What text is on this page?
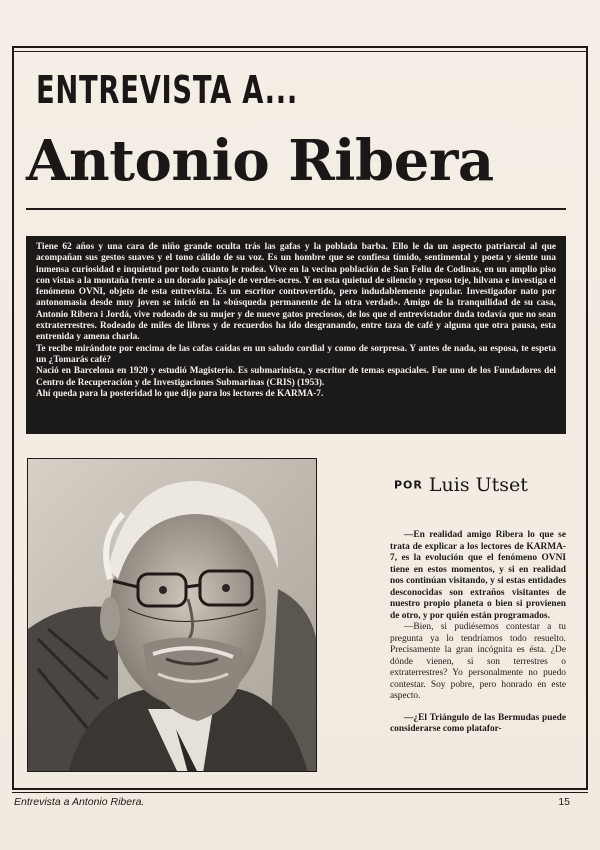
ENTREVISTA A...
Antonio Ribera

Tiene 62 años y una cara de niño grande oculta trás las gafas y la poblada barba. Ello le da un aspecto patriarcal al que acompañan sus gestos suaves y el tono cálido de su voz. Es un hombre que se confiesa tímido, sentimental y poeta y siente una inmensa curiosidad e inquietud por todo cuanto le rodea. Vive en la vecina población de San Feliu de Codinas, en un amplio piso con vistas a la montaña frente a un dorado paisaje de verdes-ocres. Y en esta quietud de silencio y reposo teje, hilvana e investiga el fenómeno OVNI, objeto de esta entrevista. Es un escritor controvertido, pero indudablemente popular. Investigador nato por antonomasia desde muy joven se inició en la «búsqueda permanente de la otra verdad». Amigo de la tranquilidad de su casa, Antonio Ribera i Jordá, vive rodeado de su mujer y de nueve gatos preciosos, de los que el entrevistador duda todavía que no sean extraterrestres. Rodeado de miles de libros y de recuerdos ha ido desgranando, entre taza de café y alguna que otra pausa, esta entrenida y amena charla.

Te recibe mirándote por encima de las cafas caídas en un saludo cordial y como de sorpresa. Y antes de nada, su esposa, te espeta un ¿Tomarás café?

Nació en Barcelona en 1920 y estudió Magisterio. Es submarinista, y escritor de temas espaciales. Fue uno de los Fundadores del Centro de Recuperación y de Investigaciones Submarinas (CRIS) (1953).

Ahí queda para la posteridad lo que dijo para los lectores de KARMA-7.

POR Luis Utset

—En realidad amigo Ribera lo que se trata de explicar a los lectores de KARMA-7, es la evolución que el fenómeno OVNI tiene en estos momentos, y si en realidad nos continúan visitando, y si estas entidades desconocidas son extraños visitantes de nuestro propio planeta o bien si provienen de otro, y por quién están programados.

—Bien, si pudiésemos contestar a tu pregunta ya lo tendríamos todo resuelto. Precisamente la gran incógnita es ésta. ¿De dónde vienen, si son terrestres o extraterrestres? Yo personalmente no puedo contestar. Soy pobre, pero honrado en este aspecto.

—¿El Triángulo de las Bermudas puede considerarse como platafor-

Entrevista a Antonio Ribera.	15
